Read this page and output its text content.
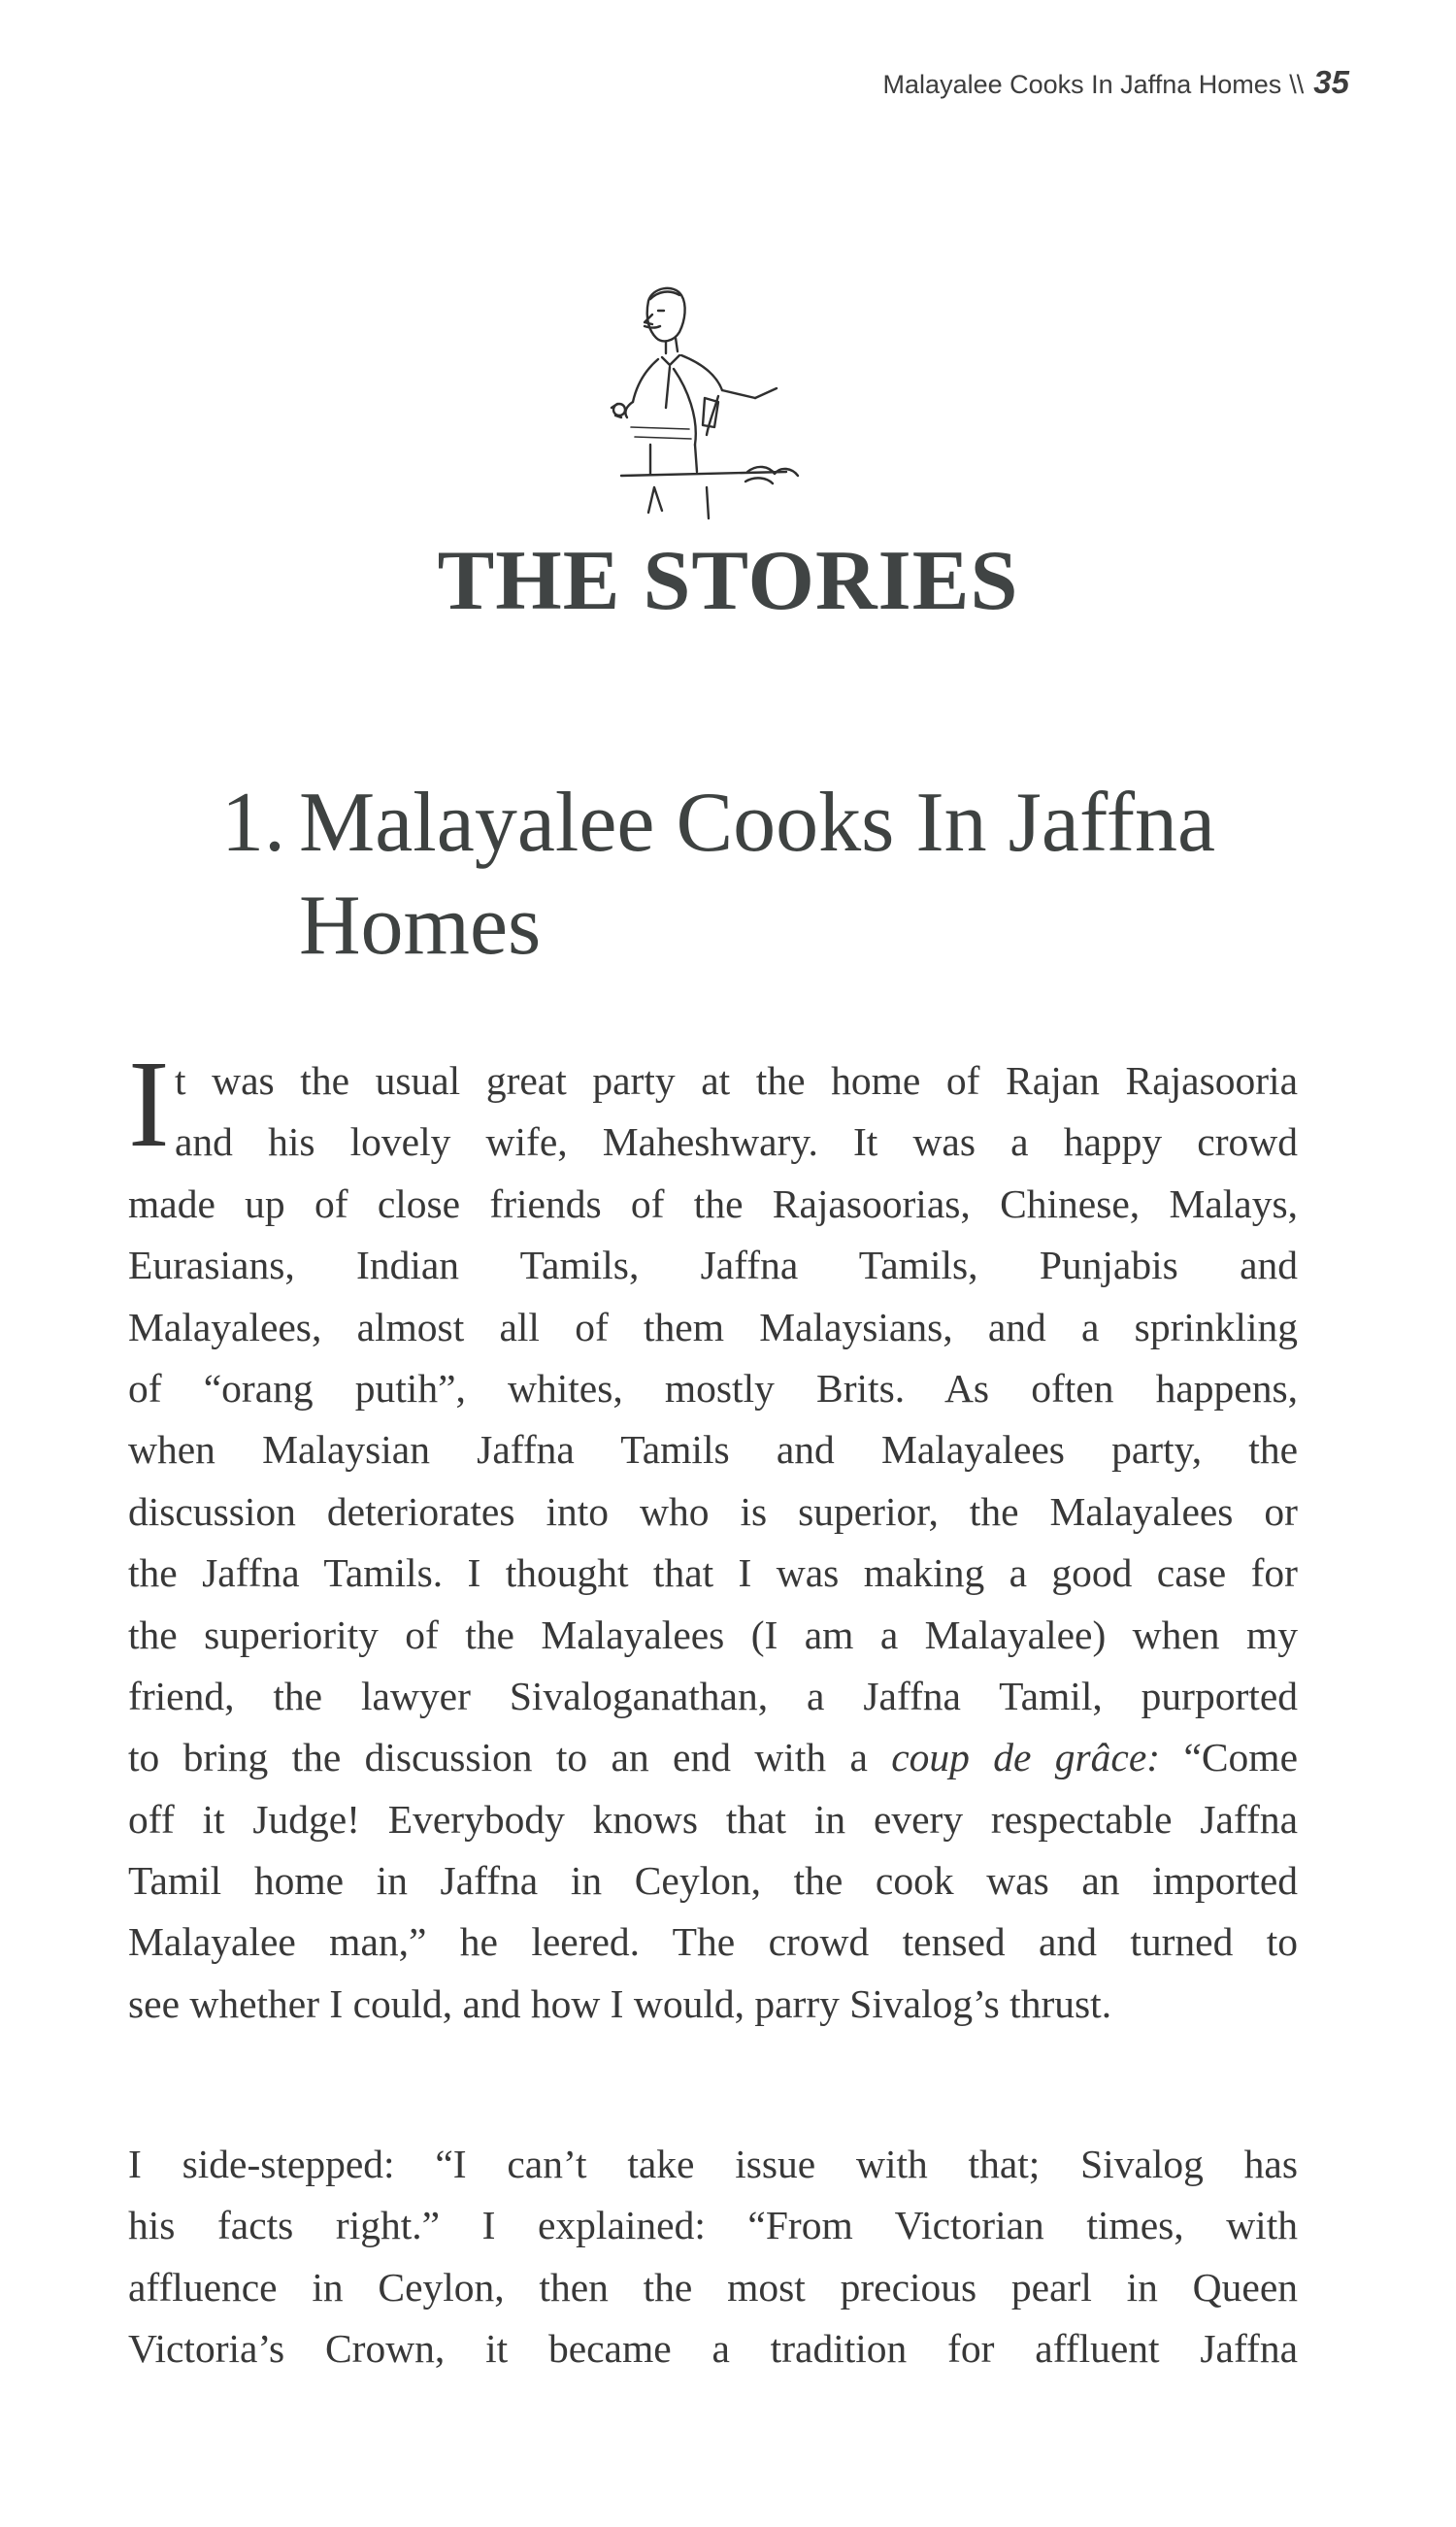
Malayalee Cooks In Jaffna Homes \\ 35
THE STORIES
1. Malayalee Cooks In Jaffna
Homes
I t was the usual great party at the home of Rajan Rajasooria
and his lovely wife, Maheshwary. It was a happy crowd
made up of close friends of the Rajasoorias, Chinese, Malays,
Eurasians, Indian Tamils, Jaffna Tamils, Punjabis and
Malayalees, almost all of them Malaysians, and a sprinkling
of “orang putih”, whites, mostly Brits. As often happens,
when Malaysian Jaffna Tamils and Malayalees party, the
discussion deteriorates into who is superior, the Malayalees or
the Jaffna Tamils. I thought that I was making a good case for
the superiority of the Malayalees (I am a Malayalee) when my
friend, the lawyer Sivaloganathan, a Jaffna Tamil, purported
to bring the discussion to an end with a coup de grâce: “Come
off it Judge! Everybody knows that in every respectable Jaffna
Tamil home in Jaffna in Ceylon, the cook was an imported
Malayalee man,” he leered. The crowd tensed and turned to
see whether I could, and how I would, parry Sivalog’s thrust.
I side-stepped: “I can’t take issue with that; Sivalog has
his facts right.” I explained: “From Victorian times, with
affluence in Ceylon, then the most precious pearl in Queen
Victoria’s Crown, it became a tradition for affluent Jaffna
